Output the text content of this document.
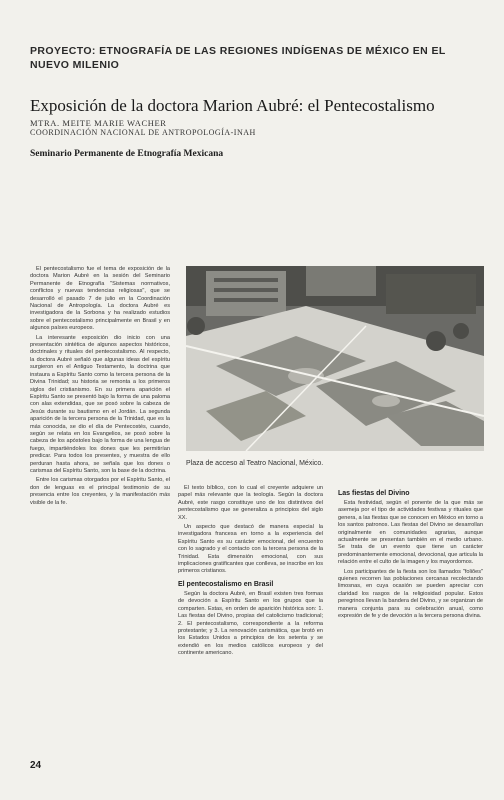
PROYECTO: ETNOGRAFÍA DE LAS REGIONES INDÍGENAS DE MÉXICO EN EL NUEVO MILENIO
Exposición de la doctora Marion Aubré: el Pentecostalismo
MTRA. MEITE MARIE WACHER
COORDINACIÓN NACIONAL DE ANTROPOLOGÍA-INAH
Seminario Permanente de Etnografía Mexicana

El pentecostalismo fue el tema de exposición de la doctora Marion Aubré en la sesión del Seminario Permanente de Etnografía "Sistemas normativos, conflictos y nuevas tendencias religiosas", que se desarrolló el pasado 7 de julio en la Coordinación Nacional de Antropología. La doctora Aubré es investigadora de la Sorbona y ha realizado estudios sobre el pentecostalismo principalmente en Brasil y en algunos países europeos.

La interesante exposición dio inicio con una presentación sintética de algunos aspectos históricos, doctrinales y rituales del pentecostalismo. Al respecto, la doctora Aubré señaló que algunas ideas del espíritu surgieron en el Antiguo Testamento, la doctrina que instaura a Espíritu Santo como la tercera persona de la Divina Trinidad; su historia se remonta a los primeros siglos del cristianismo. En su primera aparición el Espíritu Santo se presentó bajo la forma de una paloma con alas extendidas, que se posó sobre la cabeza de Jesús durante su bautismo en el Jordán. La segunda aparición de la tercera persona de la Trinidad, que es la más conocida, se dio el día de Pentecostés, cuando, según se relata en los Evangelios, se posó sobre la cabeza de los apóstoles bajo la forma de una lengua de fuego, impartiéndoles los dones que les permitirían predicar. Para todos los presentes, y muestra de ello perduran hasta ahora, se señala que los dones o carismas del Espíritu Santo, son la base de la doctrina.

Entre los carismas otorgados por el Espíritu Santo, el don de lenguas es el principal testimonio de su presencia entre los creyentes, y la manifestación más visible de la fe.

Plaza de acceso al Teatro Nacional, México.

El texto bíblico, con lo cual el creyente adquiere un papel más relevante que la teología. Según la doctora Aubré, este rasgo constituye uno de los distintivos del pentecostalismo que se generaliza a principios del siglo XX.

Un aspecto que destacó de manera especial la investigadora francesa en torno a la experiencia del Espíritu Santo es su carácter emocional, del encuentro con lo sagrado y el contacto con la tercera persona de la Trinidad. Esta dimensión emocional, con sus implicaciones gratificantes que conlleva, se inscribe en los primeros cristianos.

El pentecostalismo en Brasil

Según la doctora Aubré, en Brasil existen tres formas de devoción a Espíritu Santo en los grupos que la comparten. Estas, en orden de aparición histórica son: 1. Las fiestas del Divino, propias del catolicismo tradicional; 2. El pentecostalismo, correspondiente a la reforma protestante; y 3. La renovación carismática, que brotó en los Estados Unidos a principios de los setenta y se extendió en los medios católicos europeos y del continente americano.

Las fiestas del Divino

Esta festividad, según el ponente de la que más se asemeja por el tipo de actividades festivas y rituales que genera, a las fiestas que se conocen en México en torno a los santos patronos. Las fiestas del Divino se desarrollan originalmente en comunidades agrarias, aunque actualmente se presentan también en el medio urbano. Se trata de un evento que tiene un carácter predominantemente emocional, devocional, que articula la relación entre el culto de la imagen y los mayordomos.

Los participantes de la fiesta son los llamados "foliões" quienes recorren las poblaciones cercanas recolectando limosnas, en cuya ocasión se pueden apreciar con claridad los rasgos de la religiosidad popular. Estos peregrinos llevan la bandera del Divino, y se organizan de manera conjunta para su celebración anual, como expresión de fe y de devoción a la tercera persona divina.

24
